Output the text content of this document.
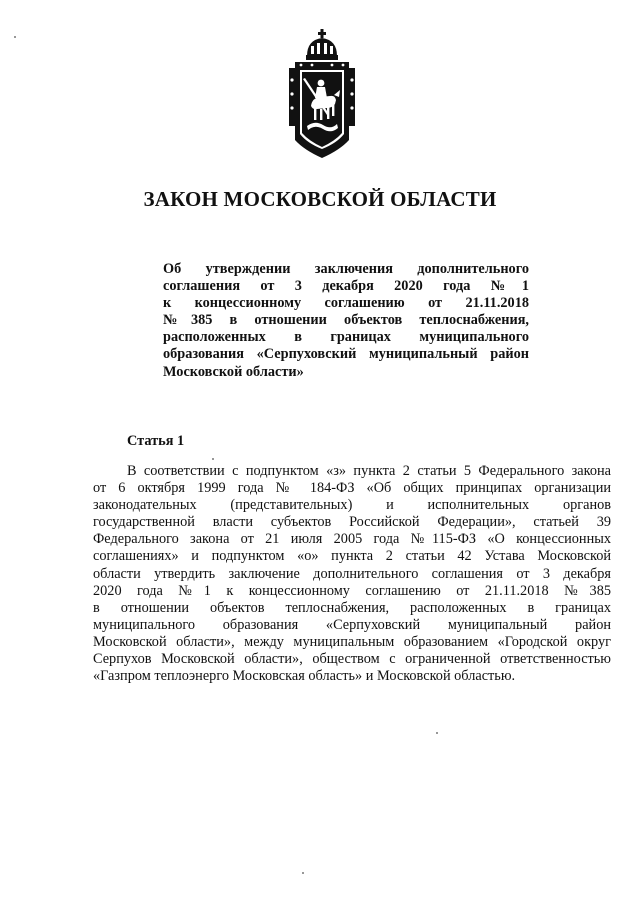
ЗАКОН МОСКОВСКОЙ ОБЛАСТИ

Об утверждении заключения дополнительного
соглашения от 3 декабря 2020 года №1
к концессионному соглашению от 21.11.2018
№385 в отношении объектов теплоснабжения,
расположенных в границах муниципального
образования «Серпуховский муниципальный район
Московской области»

Статья 1

В соответствии с подпунктом «з» пункта 2 статьи 5 Федерального закона
от 6 октября 1999 года № 184-ФЗ «Об общих принципах организации
законодательных (представительных) и исполнительных органов
государственной власти субъектов Российской Федерации», статьей 39
Федерального закона от 21 июля 2005 года №115-ФЗ «О концессионных
соглашениях» и подпунктом «о» пункта 2 статьи 42 Устава Московской
области утвердить заключение дополнительного соглашения от 3 декабря
2020 года №1 к концессионному соглашению от 21.11.2018 №385
в отношении объектов теплоснабжения, расположенных в границах
муниципального образования «Серпуховский муниципальный район
Московской области», между муниципальным образованием «Городской округ
Серпухов Московской области», обществом с ограниченной ответственностью
«Газпром теплоэнерго Московская область» и Московской областью.
